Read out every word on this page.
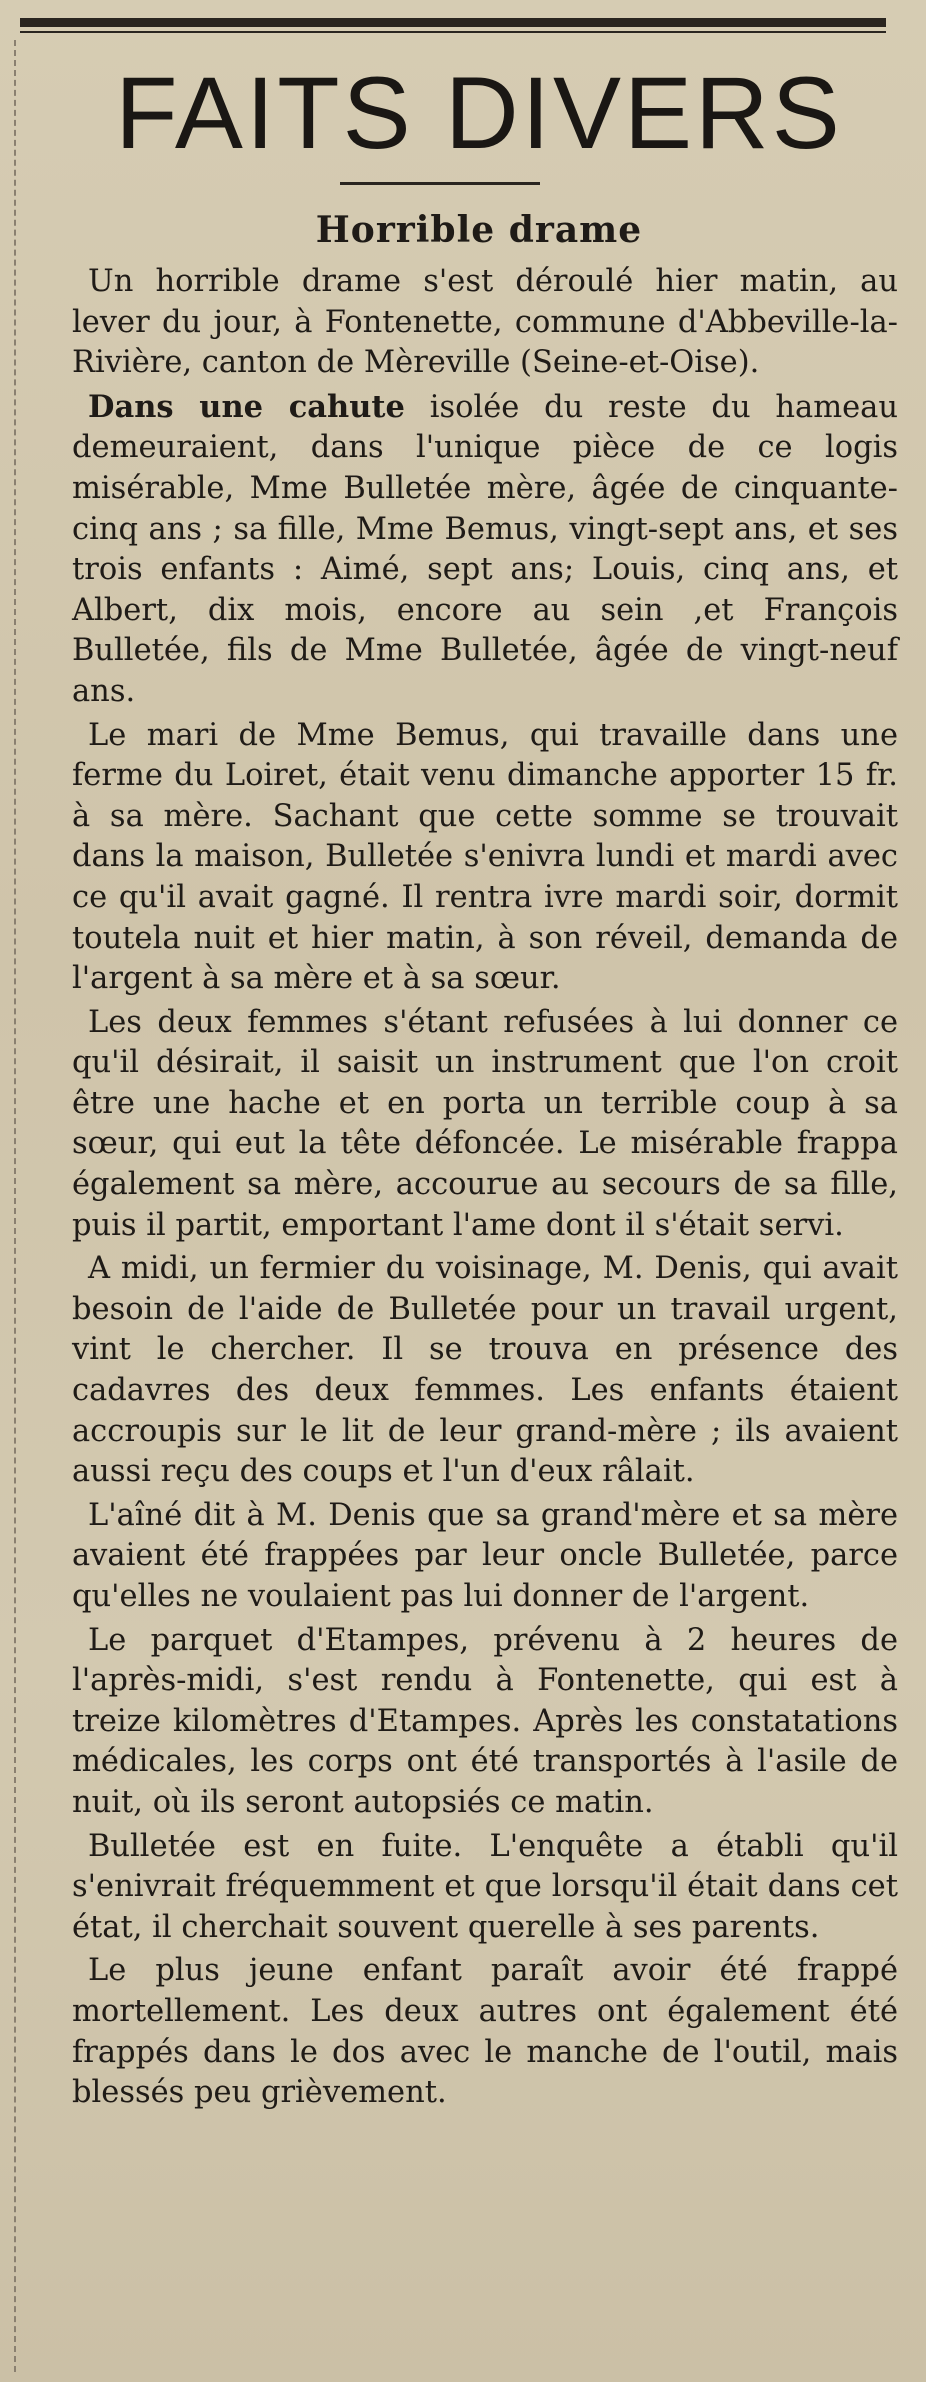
FAITS DIVERS
Horrible drame

Un horrible drame s'est déroulé hier matin, au lever du jour, à Fontenette, commune d'Abbeville-la-Rivière, canton de Mèreville (Seine-et-Oise).

Dans une cahute isolée du reste du hameau demeuraient, dans l'unique pièce de ce logis misérable, Mme Bulletée mère, âgée de cinquante-cinq ans ; sa fille, Mme Bemus, vingt-sept ans, et ses trois enfants : Aimé, sept ans; Louis, cinq ans, et Albert, dix mois, encore au sein ,et François Bulletée, fils de Mme Bulletée, âgée de vingt-neuf ans.

Le mari de Mme Bemus, qui travaille dans une ferme du Loiret, était venu dimanche apporter 15 fr. à sa mère. Sachant que cette somme se trouvait dans la maison, Bulletée s'enivra lundi et mardi avec ce qu'il avait gagné. Il rentra ivre mardi soir, dormit toutela nuit et hier matin, à son réveil, demanda de l'argent à sa mère et à sa sœur.

Les deux femmes s'étant refusées à lui donner ce qu'il désirait, il saisit un instrument que l'on croit être une hache et en porta un terrible coup à sa sœur, qui eut la tête défoncée. Le misérable frappa également sa mère, accourue au secours de sa fille, puis il partit, emportant l'ame dont il s'était servi.

A midi, un fermier du voisinage, M. Denis, qui avait besoin de l'aide de Bulletée pour un travail urgent, vint le chercher. Il se trouva en présence des cadavres des deux femmes. Les enfants étaient accroupis sur le lit de leur grand-mère ; ils avaient aussi reçu des coups et l'un d'eux râlait.

L'aîné dit à M. Denis que sa grand'mère et sa mère avaient été frappées par leur oncle Bulletée, parce qu'elles ne voulaient pas lui donner de l'argent.

Le parquet d'Etampes, prévenu à 2 heures de l'après-midi, s'est rendu à Fontenette, qui est à treize kilomètres d'Etampes. Après les constatations médicales, les corps ont été transportés à l'asile de nuit, où ils seront autopsiés ce matin.

Bulletée est en fuite. L'enquête a établi qu'il s'enivrait fréquemment et que lorsqu'il était dans cet état, il cherchait souvent querelle à ses parents.

Le plus jeune enfant paraît avoir été frappé mortellement. Les deux autres ont également été frappés dans le dos avec le manche de l'outil, mais blessés peu grièvement.
